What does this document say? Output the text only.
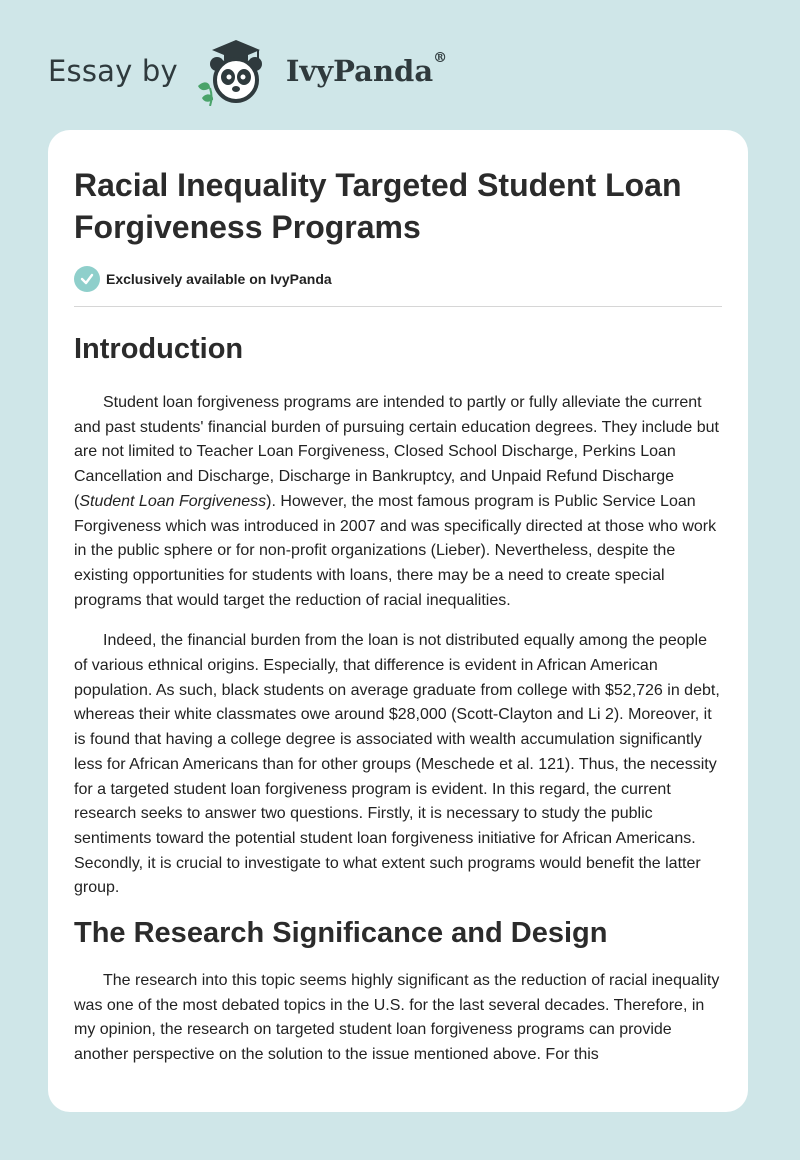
Essay by	IvyPanda®
Racial Inequality Targeted Student Loan Forgiveness Programs
Exclusively available on IvyPanda
Introduction

Student loan forgiveness programs are intended to partly or fully alleviate the current and past students' financial burden of pursuing certain education degrees. They include but are not limited to Teacher Loan Forgiveness, Closed School Discharge, Perkins Loan Cancellation and Discharge, Discharge in Bankruptcy, and Unpaid Refund Discharge (Student Loan Forgiveness). However, the most famous program is Public Service Loan Forgiveness which was introduced in 2007 and was specifically directed at those who work in the public sphere or for non-profit organizations (Lieber). Nevertheless, despite the existing opportunities for students with loans, there may be a need to create special programs that would target the reduction of racial inequalities.

Indeed, the financial burden from the loan is not distributed equally among the people of various ethnical origins. Especially, that difference is evident in African American population. As such, black students on average graduate from college with $52,726 in debt, whereas their white classmates owe around $28,000 (Scott-Clayton and Li 2). Moreover, it is found that having a college degree is associated with wealth accumulation significantly less for African Americans than for other groups (Meschede et al. 121). Thus, the necessity for a targeted student loan forgiveness program is evident. In this regard, the current research seeks to answer two questions. Firstly, it is necessary to study the public sentiments toward the potential student loan forgiveness initiative for African Americans. Secondly, it is crucial to investigate to what extent such programs would benefit the latter group.

The Research Significance and Design

The research into this topic seems highly significant as the reduction of racial inequality was one of the most debated topics in the U.S. for the last several decades. Therefore, in my opinion, the research on targeted student loan forgiveness programs can provide another perspective on the solution to the issue mentioned above. For this
